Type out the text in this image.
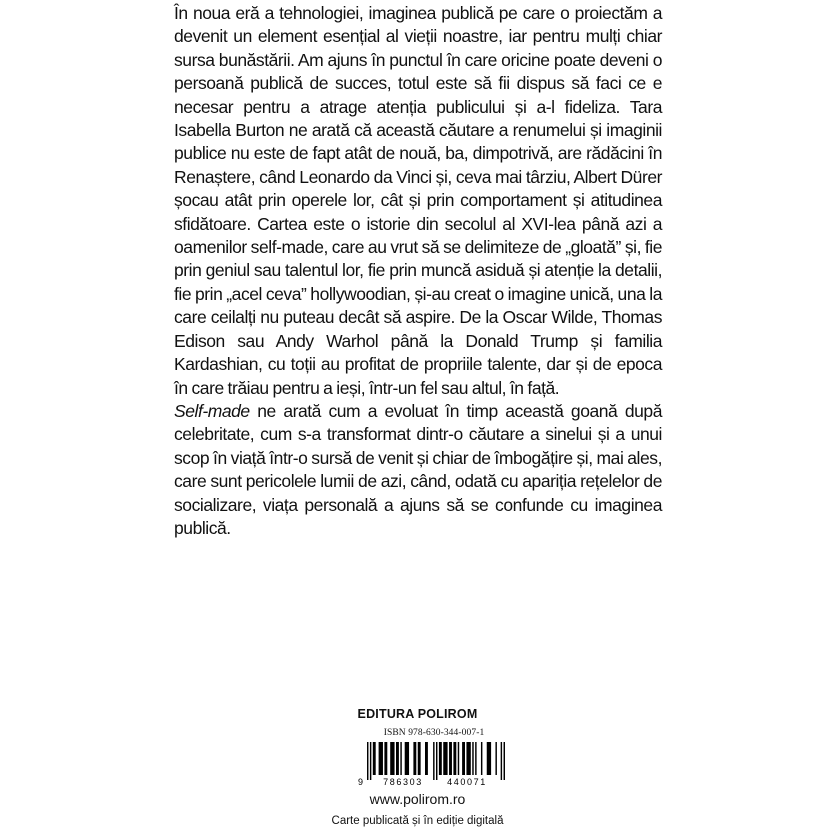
În noua eră a tehnologiei, imaginea publică pe care o proiectăm a devenit un element esențial al vieții noastre, iar pentru mulți chiar sursa bunăstării. Am ajuns în punctul în care oricine poate deveni o persoană publică de succes, totul este să fii dispus să faci ce e necesar pentru a atrage atenția publicului și a-l fideliza. Tara Isabella Burton ne arată că această căutare a renumelui și imaginii publice nu este de fapt atât de nouă, ba, dimpotrivă, are rădăcini în Renaștere, când Leonardo da Vinci și, ceva mai târziu, Albert Dürer șocau atât prin operele lor, cât și prin comportament și atitudinea sfidătoare. Cartea este o istorie din secolul al XVI-lea până azi a oamenilor self-made, care au vrut să se delimiteze de „gloată” și, fie prin geniul sau talentul lor, fie prin muncă asiduă și atenție la detalii, fie prin „acel ceva” hollywoodian, și-au creat o imagine unică, una la care ceilalți nu puteau decât să aspire. De la Oscar Wilde, Thomas Edison sau Andy Warhol până la Donald Trump și familia Kardashian, cu toții au profitat de propriile talente, dar și de epoca în care trăiau pentru a ieși, într-un fel sau altul, în față.
Self-made ne arată cum a evoluat în timp această goană după celebritate, cum s-a transformat dintr-o căutare a sinelui și a unui scop în viață într-o sursă de venit și chiar de îmbogățire și, mai ales, care sunt pericolele lumii de azi, când, odată cu apariția rețelelor de socializare, viața personală a ajuns să se confunde cu imaginea publică.

EDITURA POLIROM
ISBN 978-630-344-007-1
9 786303	440071
www.polirom.ro
Carte publicată și în ediție digitală
